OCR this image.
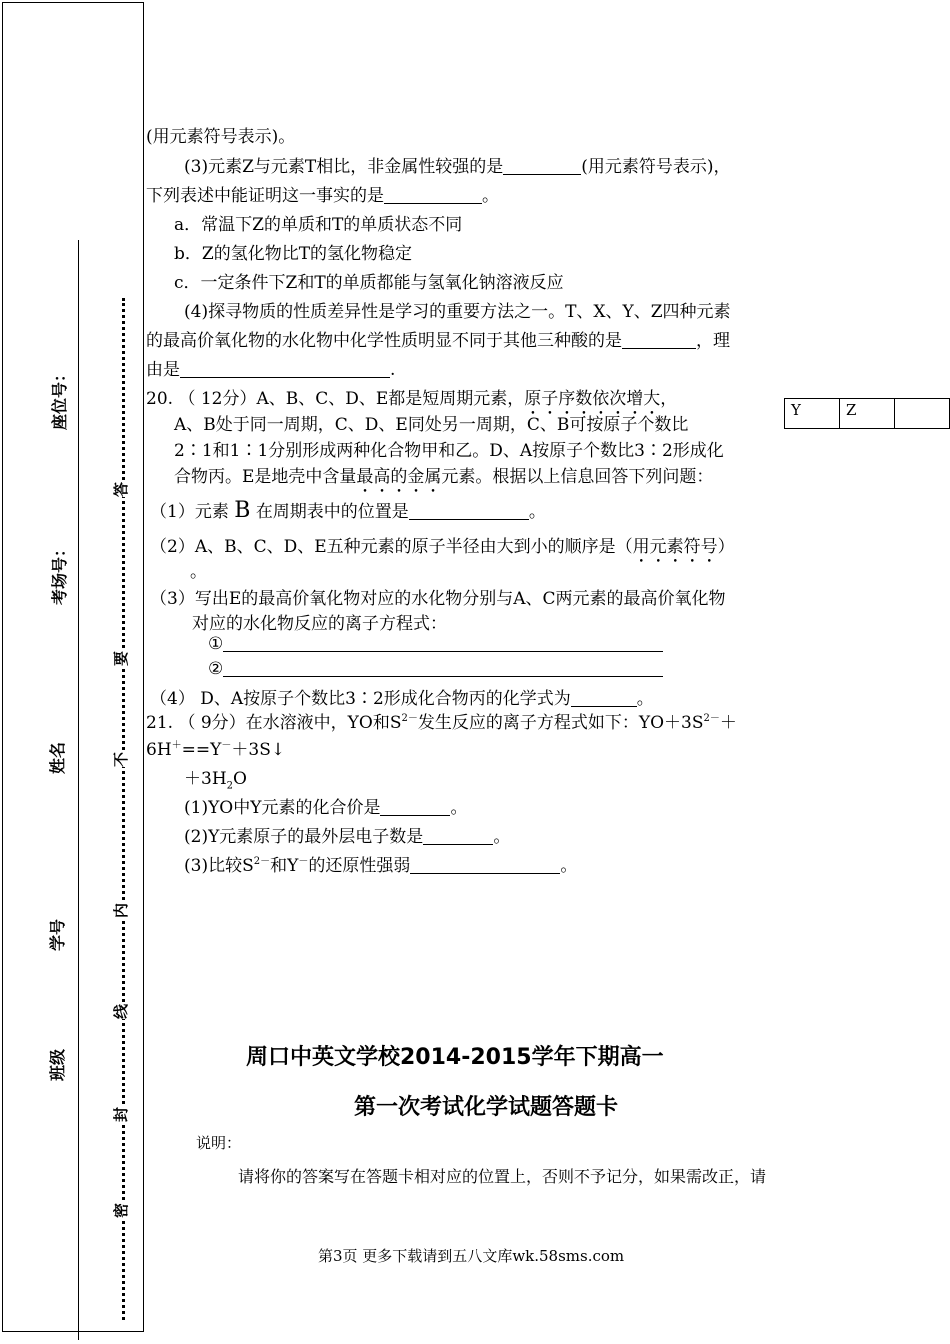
班级
学号
姓名
考场号：
座位号：
答
要
不
内
线
封
密
(用元素符号表示)。
(3)元素Z与元素T相比，非金属性较强的是	(用元素符号表示)，
下列表述中能证明这一事实的是	。
a．常温下Z的单质和T的单质状态不同
b．Z的氢化物比T的氢化物稳定
c．一定条件下Z和T的单质都能与氢氧化钠溶液反应
(4)探寻物质的性质差异性是学习的重要方法之一。T、X、Y、Z四种元素
的最高价氧化物的水化物中化学性质明显不同于其他三种酸的是	，理
由是	.
Y	Z	
20. （ 12分）A、B、C、D、E都是短周期元素，原子序数依次增大，
A、B处于同一周期，C、D、E同处另一周期，C、B可按原子个数比
2∶1和1∶1分别形成两种化合物甲和乙。D、A按原子个数比3∶2形成化
合物丙。E是地壳中含量最高的金属元素。根据以上信息回答下列问题：
（1）元素 B 在周期表中的位置是	。
（2）A、B、C、D、E五种元素的原子半径由大到小的顺序是（用元素符号）
。
（3）写出E的最高价氧化物对应的水化物分别与A、C两元素的最高价氧化物
对应的水化物反应的离子方程式：
①
②
（4） D、A按原子个数比3∶2形成化合物丙的化学式为	。
21. （ 9分）在水溶液中，YO和$S^{2-}$发生反应的离子方程式如下：$YO+3S^{2-}+$
6H＋==Y－＋3S↓
$+3H_2O$
(1)YO中Y元素的化合价是	。
(2)Y元素原子的最外层电子数是	。
(3)比较$S^{2-}$和Y－的还原性强弱	。
周口中英文学校2014-2015学年下期高一
第一次考试化学试题答题卡
说明：
请将你的答案写在答题卡相对应的位置上，否则不予记分，如果需改正，请
第3页 更多下载请到五八文库wk.58sms.com
